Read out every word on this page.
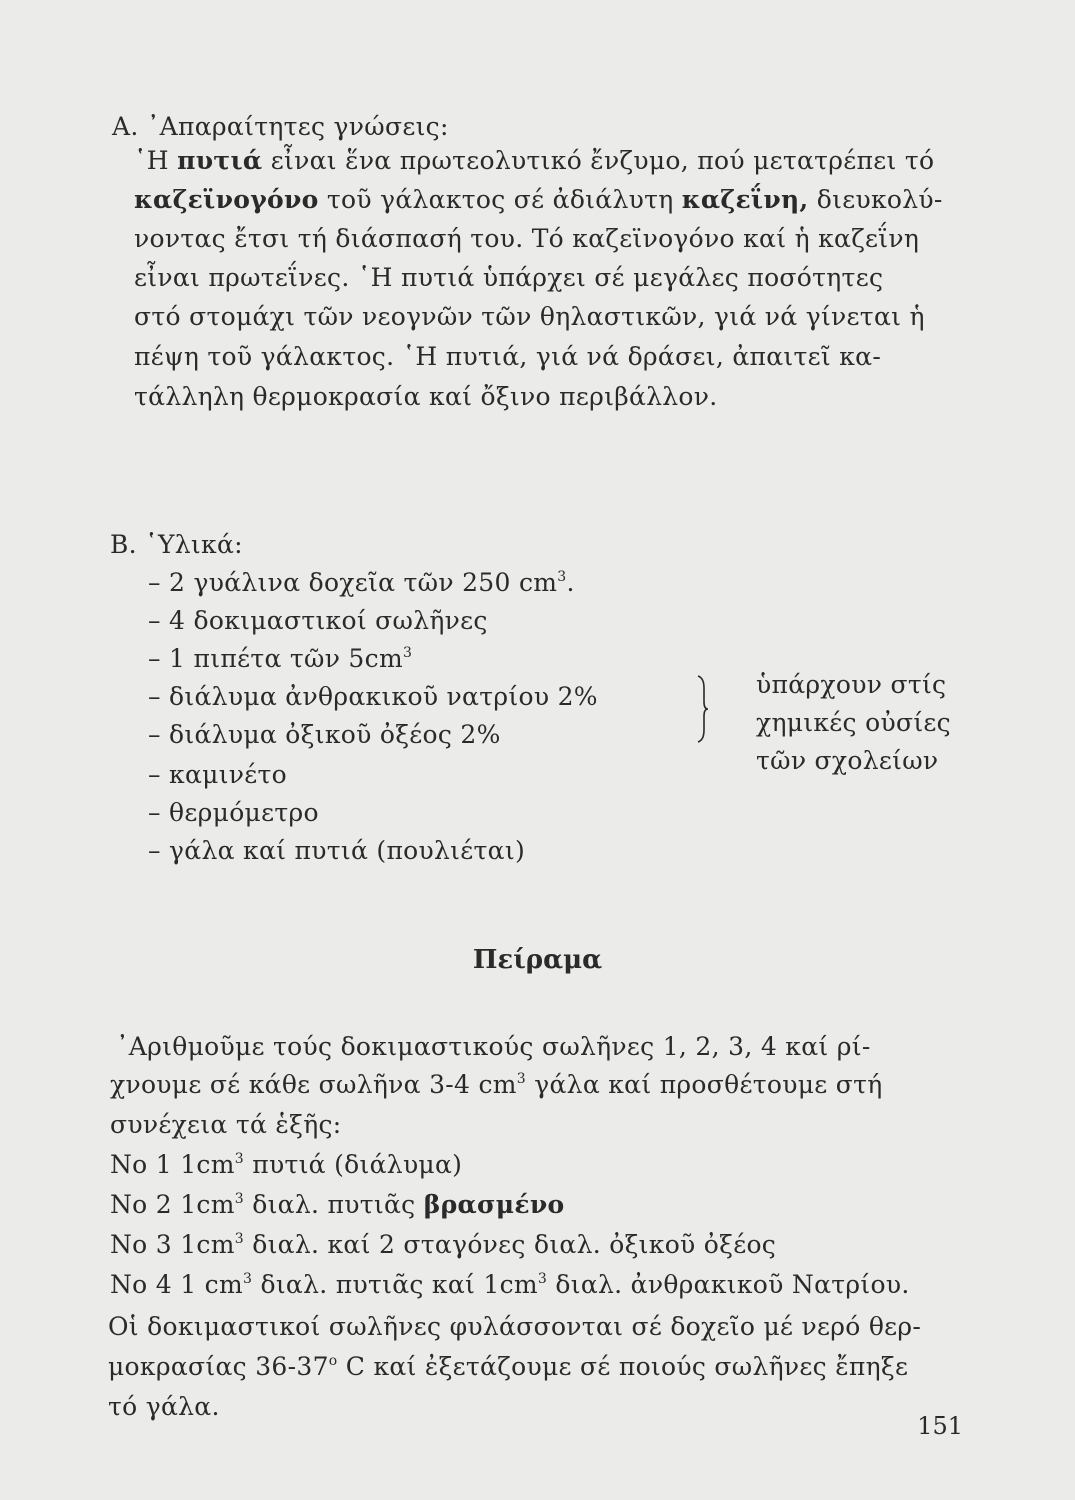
Α. ᾿Απαραίτητες γνώσεις:
῾Η πυτιά εἶναι ἕνα πρωτεολυτικό ἔνζυμο, πού μετατρέπει τό
καζεϊνογόνο τοῦ γάλακτος σέ ἀδιάλυτη καζεΐνη, διευκολύ-
νοντας ἔτσι τή διάσπασή του. Τό καζεϊνογόνο καί ἡ καζεΐνη
εἶναι πρωτεΐνες. ῾Η πυτιά ὑπάρχει σέ μεγάλες ποσότητες
στό στομάχι τῶν νεογνῶν τῶν θηλαστικῶν, γιά νά γίνεται ἡ
πέψη τοῦ γάλακτος. ῾Η πυτιά, γιά νά δράσει, ἀπαιτεῖ κα-
τάλληλη θερμοκρασία καί ὄξινο περιβάλλον.
Β. ῾Υλικά:
– 2 γυάλινα δοχεῖα τῶν 250 $cm^3$.
– 4 δοκιμαστικοί σωλῆνες
– 1 πιπέτα τῶν $5cm^3$
– διάλυμα ἀνθρακικοῦ νατρίου 2%
– διάλυμα ὀξικοῦ ὀξέος 2%
– καμινέτο
– θερμόμετρο
– γάλα καί πυτιά (πουλιέται)
ὑπάρχουν στίς
χημικές οὐσίες
τῶν σχολείων
Πείραμα
᾿Αριθμοῦμε τούς δοκιμαστικούς σωλῆνες 1, 2, 3, 4 καί ρί-
χνουμε σέ κάθε σωλῆνα 3-4 $cm^3$ γάλα καί προσθέτουμε στή
συνέχεια τά ἑξῆς:
Νο 1 $1cm^3$ πυτιά (διάλυμα)
Νο 2 $1cm^3$ διαλ. πυτιᾶς βρασμένο
Νο 3 $1cm^3$ διαλ. καί 2 σταγόνες διαλ. ὀξικοῦ ὀξέος
Νο 4 1 $cm^3$ διαλ. πυτιᾶς καί $1cm^3$ διαλ. ἀνθρακικοῦ Νατρίου.
Οἱ δοκιμαστικοί σωλῆνες φυλάσσονται σέ δοχεῖο μέ νερό θερ-
μοκρασίας $36-37^o$ C καί ἐξετάζουμε σέ ποιούς σωλῆνες ἔπηξε
τό γάλα.
151
